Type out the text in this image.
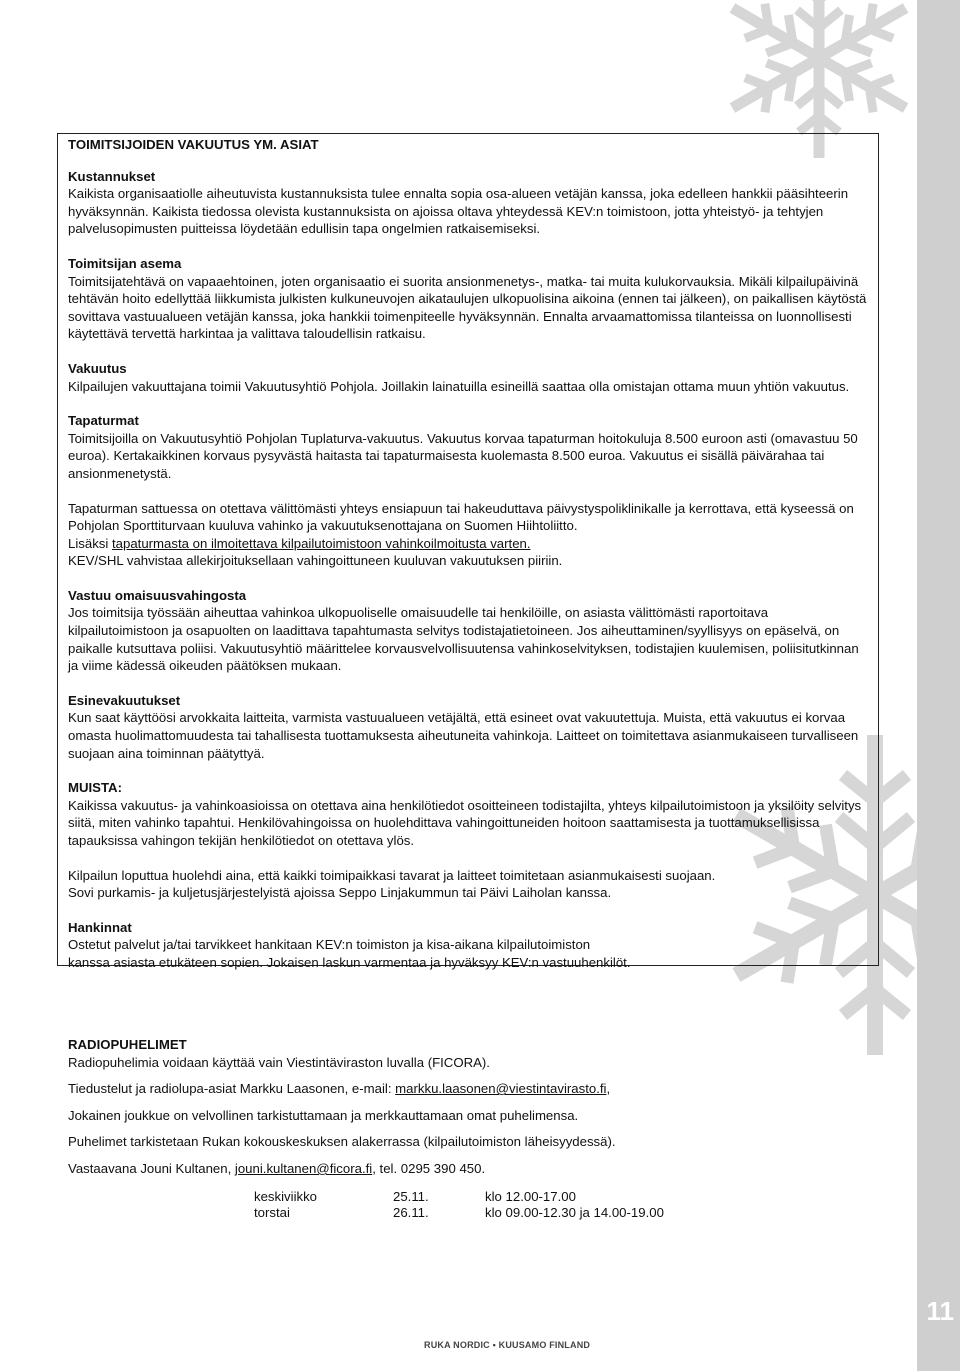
11

TOIMITSIJOIDEN VAKUUTUS YM. ASIAT

Kustannukset

Kaikista organisaatiolle aiheutuvista kustannuksista tulee ennalta sopia osa-alueen vetäjän kanssa, joka edelleen hankkii pääsihteerin hyväksynnän. Kaikista tiedossa olevista kustannuksista on ajoissa oltava yhteydessä KEV:n toimistoon, jotta yhteistyö- ja tehtyjen palvelusopimusten puitteissa löydetään edullisin tapa ongelmien ratkaisemiseksi.

Toimitsijan asema

Toimitsijatehtävä on vapaaehtoinen, joten organisaatio ei suorita ansionmenetys-, matka- tai muita kulukorvauksia. Mikäli kilpailupäivinä tehtävän hoito edellyttää liikkumista julkisten kulkuneuvojen aikataulujen ulkopuolisina aikoina (ennen tai jälkeen), on paikallisen käytöstä sovittava vastuualueen vetäjän kanssa, joka hankkii toimenpiteelle hyväksynnän. Ennalta arvaamattomissa tilanteissa on luonnollisesti käytettävä tervettä harkintaa ja valittava taloudellisin ratkaisu.

Vakuutus

Kilpailujen vakuuttajana toimii Vakuutusyhtiö Pohjola. Joillakin lainatuilla esineillä saattaa olla omistajan ottama muun yhtiön vakuutus.

Tapaturmat

Toimitsijoilla on Vakuutusyhtiö Pohjolan Tuplaturva-vakuutus. Vakuutus korvaa tapaturman hoitokuluja 8.500 euroon asti (omavastuu 50 euroa). Kertakaikkinen korvaus pysyvästä haitasta tai tapaturmaisesta kuolemasta 8.500 euroa. Vakuutus ei sisällä päivärahaa tai ansionmenetystä.

Tapaturman sattuessa on otettava välittömästi yhteys ensiapuun tai hakeuduttava päivystyspoliklinikalle ja kerrottava, että kyseessä on Pohjolan Sporttiturvaan kuuluva vahinko ja vakuutuksenottajana on Suomen Hiihtoliitto.

Lisäksi tapaturmasta on ilmoitettava kilpailutoimistoon vahinkoilmoitusta varten.

KEV/SHL vahvistaa allekirjoituksellaan vahingoittuneen kuuluvan vakuutuksen piiriin.

Vastuu omaisuusvahingosta

Jos toimitsija työssään aiheuttaa vahinkoa ulkopuoliselle omaisuudelle tai henkilöille, on asiasta välittömästi raportoitava kilpailutoimistoon ja osapuolten on laadittava tapahtumasta selvitys todistajatietoineen. Jos aiheuttaminen/syyllisyys on epäselvä, on paikalle kutsuttava poliisi. Vakuutusyhtiö määrittelee korvausvelvollisuutensa vahinkoselvityksen, todistajien kuulemisen, poliisitutkinnan ja viime kädessä oikeuden päätöksen mukaan.

Esinevakuutukset

Kun saat käyttöösi arvokkaita laitteita, varmista vastuualueen vetäjältä, että esineet ovat vakuutettuja. Muista, että vakuutus ei korvaa omasta huolimattomuudesta tai tahallisesta tuottamuksesta aiheutuneita vahinkoja. Laitteet on toimitettava asianmukaiseen turvalliseen suojaan aina toiminnan päätyttyä.

MUISTA:

Kaikissa vakuutus- ja vahinkoasioissa on otettava aina henkilötiedot osoitteineen todistajilta, yhteys kilpailutoimistoon ja yksilöity selvitys siitä, miten vahinko tapahtui. Henkilövahingoissa on huolehdittava vahingoittuneiden hoitoon saattamisesta ja tuottamuksellisissa tapauksissa vahingon tekijän henkilötiedot on otettava ylös.

Kilpailun loputtua huolehdi aina, että kaikki toimipaikkasi tavarat ja laitteet toimitetaan asianmukaisesti suojaan.

Sovi purkamis- ja kuljetusjärjestelyistä ajoissa Seppo Linjakummun tai Päivi Laiholan kanssa.

Hankinnat

Ostetut palvelut ja/tai tarvikkeet hankitaan KEV:n toimiston ja kisa-aikana kilpailutoimiston

kanssa asiasta etukäteen sopien. Jokaisen laskun varmentaa ja hyväksyy KEV:n vastuuhenkilöt.

RADIOPUHELIMET

Radiopuhelimia voidaan käyttää vain Viestintäviraston luvalla (FICORA).

Tiedustelut ja radiolupa-asiat Markku Laasonen, e-mail: markku.laasonen@viestintavirasto.fi,

Jokainen joukkue on velvollinen tarkistuttamaan ja merkkauttamaan omat puhelimensa.

Puhelimet tarkistetaan Rukan kokouskeskuksen alakerrassa (kilpailutoimiston läheisyydessä).

Vastaavana Jouni Kultanen, jouni.kultanen@ficora.fi, tel. 0295 390 450.

keskiviikko	25.11.	klo 12.00-17.00
torstai	26.11.	klo 09.00-12.30 ja 14.00-19.00
RUKA NORDIC • KUUSAMO FINLAND
